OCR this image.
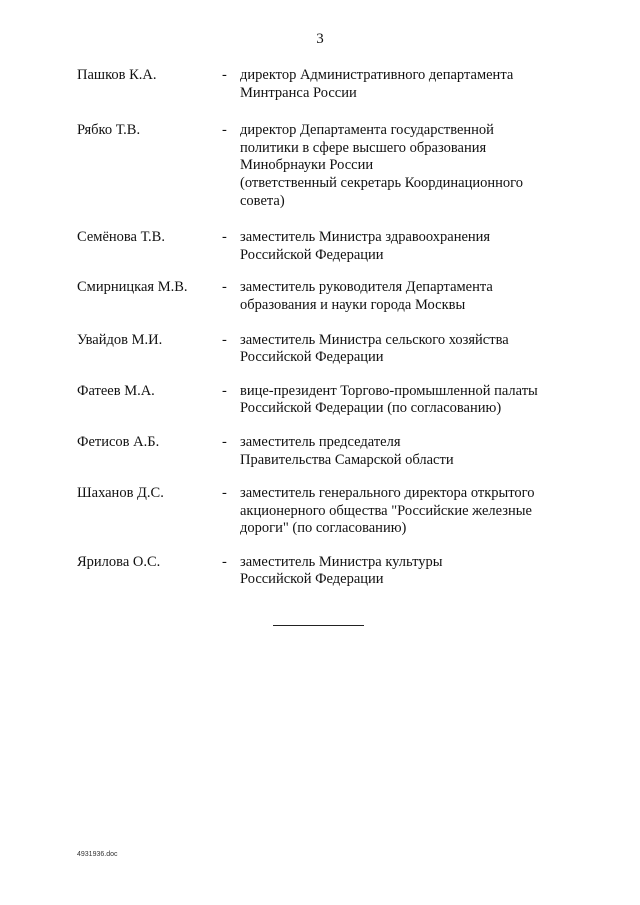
3
Пашков К.А.	- директор Административного департамента
Минтранса России
Рябко Т.В.	- директор Департамента государственной
политики в сфере высшего образования
Минобрнауки России
(ответственный секретарь Координационного
совета)
Семёнова Т.В.	- заместитель Министра здравоохранения
Российской Федерации
Смирницкая М.В.	- заместитель руководителя Департамента
образования и науки города Москвы
Увайдов М.И.	- заместитель Министра сельского хозяйства
Российской Федерации
Фатеев М.А.	- вице-президент Торгово-промышленной палаты
Российской Федерации (по согласованию)
Фетисов А.Б.	- заместитель председателя
Правительства Самарской области
Шаханов Д.С.	- заместитель генерального директора открытого
акционерного общества "Российские железные
дороги" (по согласованию)
Ярилова О.С.	- заместитель Министра культуры
Российской Федерации
4931936.doc
